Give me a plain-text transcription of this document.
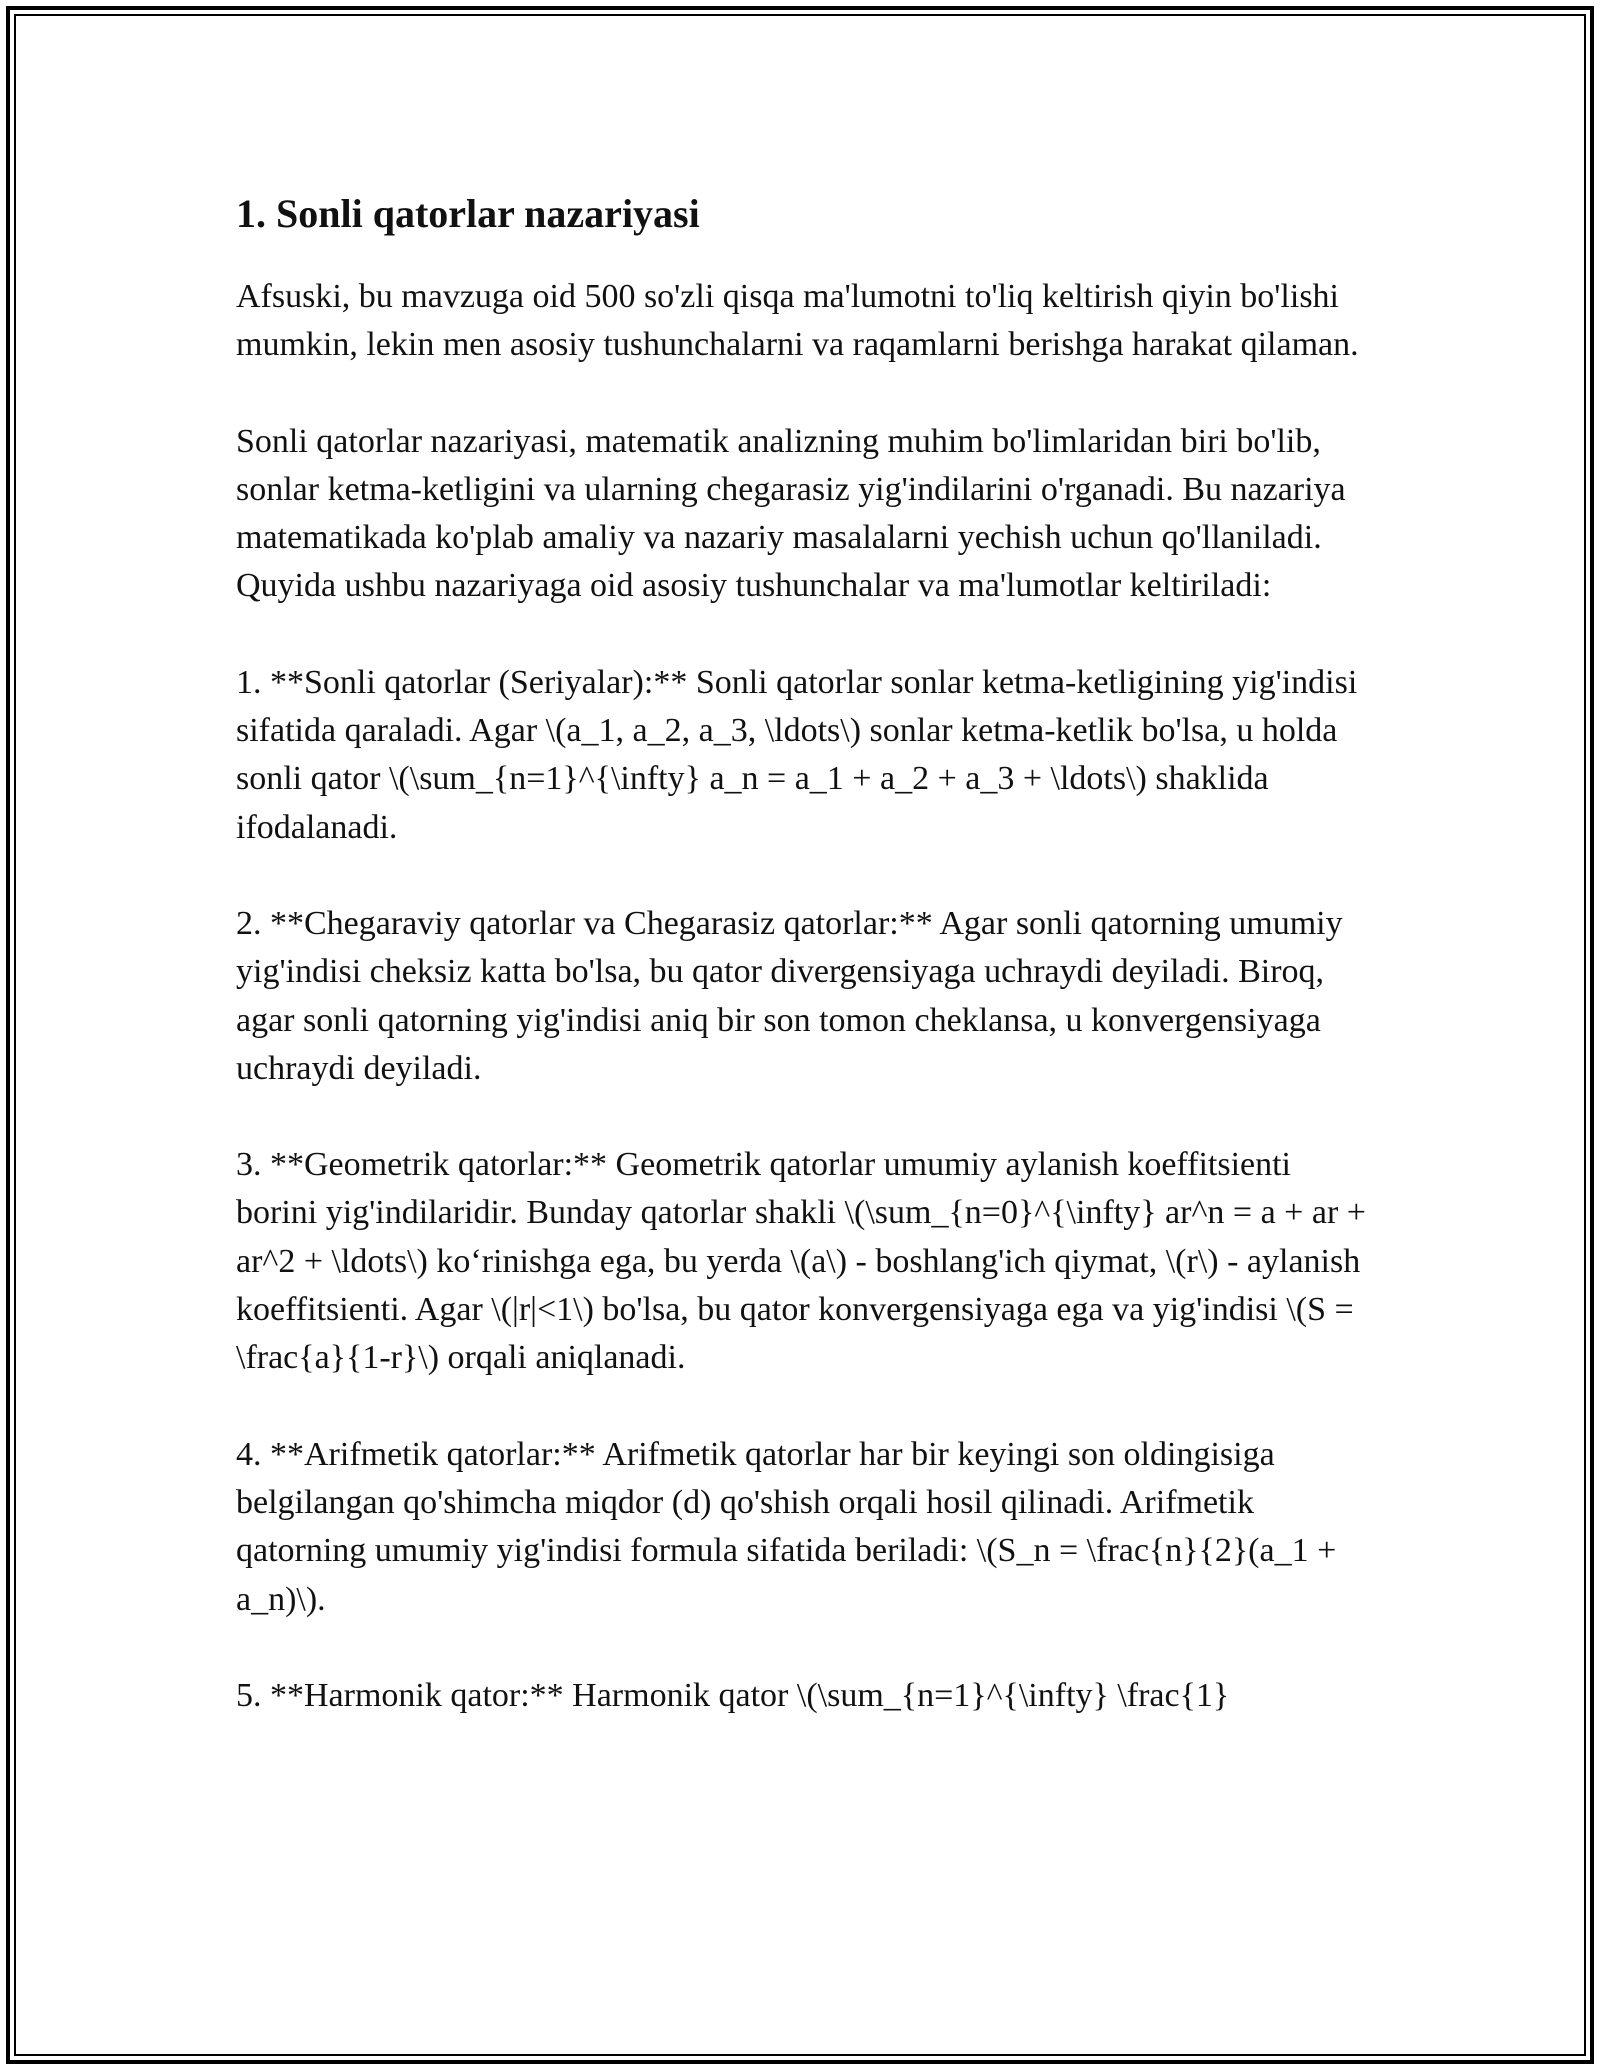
1. Sonli qatorlar nazariyasi

Afsuski, bu mavzuga oid 500 so'zli qisqa ma'lumotni to'liq keltirish qiyin bo'lishi mumkin, lekin men asosiy tushunchalarni va raqamlarni berishga harakat qilaman.

Sonli qatorlar nazariyasi, matematik analizning muhim bo'limlaridan biri bo'lib, sonlar ketma-ketligini va ularning chegarasiz yig'indilarini o'rganadi. Bu nazariya matematikada ko'plab amaliy va nazariy masalalarni yechish uchun qo'llaniladi. Quyida ushbu nazariyaga oid asosiy tushunchalar va ma'lumotlar keltiriladi:

1. **Sonli qatorlar (Seriyalar):** Sonli qatorlar sonlar ketma-ketligining yig'indisi sifatida qaraladi. Agar \(a_1, a_2, a_3, \ldots\) sonlar ketma-ketlik bo'lsa, u holda sonli qator \(\sum_{n=1}^{\infty} a_n = a_1 + a_2 + a_3 + \ldots\) shaklida ifodalanadi.

2. **Chegaraviy qatorlar va Chegarasiz qatorlar:** Agar sonli qatorning umumiy yig'indisi cheksiz katta bo'lsa, bu qator divergensiyaga uchraydi deyiladi. Biroq, agar sonli qatorning yig'indisi aniq bir son tomon cheklansa, u konvergensiyaga uchraydi deyiladi.

3. **Geometrik qatorlar:** Geometrik qatorlar umumiy aylanish koeffitsienti borini yig'indilaridir. Bunday qatorlar shakli \(\sum_{n=0}^{\infty} ar^n = a + ar + ar^2 + \ldots\) ko‘rinishga ega, bu yerda \(a\) - boshlang'ich qiymat, \(r\) - aylanish koeffitsienti. Agar \(|r|<1\) bo'lsa, bu qator konvergensiyaga ega va yig'indisi \(S = \frac{a}{1-r}\) orqali aniqlanadi.

4. **Arifmetik qatorlar:** Arifmetik qatorlar har bir keyingi son oldingisiga belgilangan qo'shimcha miqdor (d) qo'shish orqali hosil qilinadi. Arifmetik qatorning umumiy yig'indisi formula sifatida beriladi: \(S_n = \frac{n}{2}(a_1 + a_n)\).

5. **Harmonik qator:** Harmonik qator \(\sum_{n=1}^{\infty} \frac{1}
